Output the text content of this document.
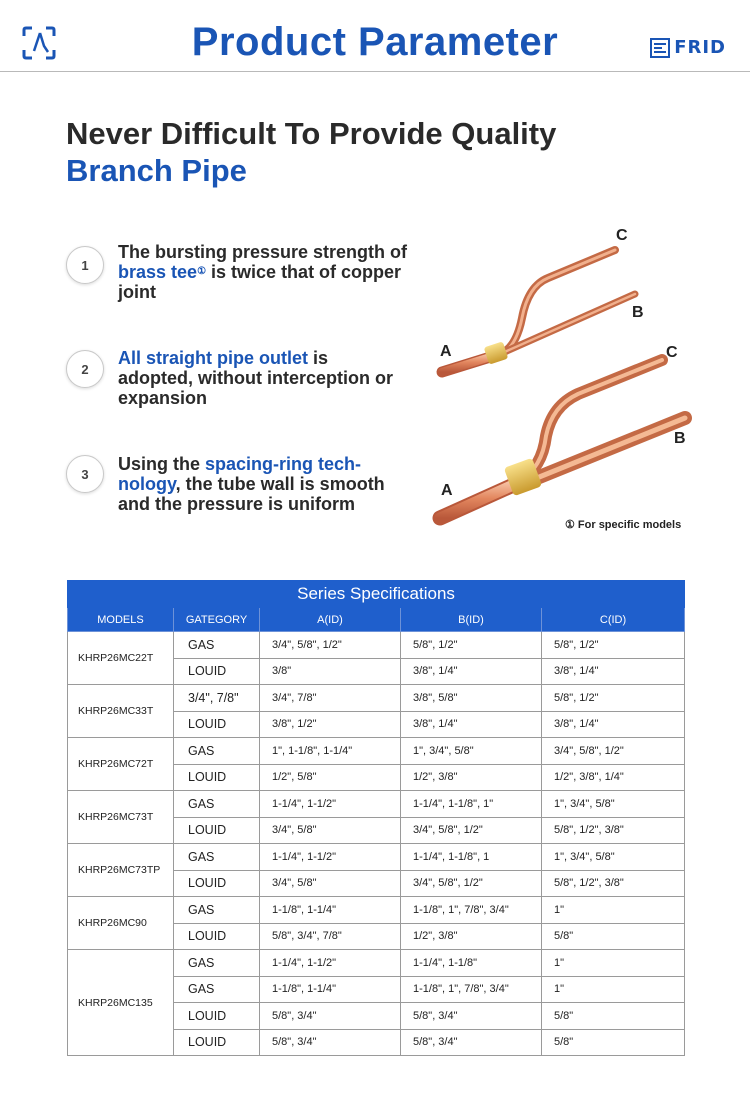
Product Parameter	FRID
Never Difficult To Provide Quality
Branch Pipe
1
The bursting pressure strength of brass tee① is twice that of copper joint
2
All straight pipe outlet is adopted, without interception or expansion
3	Using the spacing-ring tech-nology, the tube wall is smooth and the pressure is uniform
C
B
A	C
B
A
① For specific models
Series Specifications				
MODELS	GATEGORY	A(ID)	B(ID)	C(ID)
KHRP26MC22T	GAS	3/4", 5/8", 1/2"	5/8", 1/2"	5/8", 1/2"
	LOUID	3/8"	3/8", 1/4"	3/8", 1/4"
KHRP26MC33T	3/4", 7/8"	3/4", 7/8"	3/8", 5/8"	5/8", 1/2"
	LOUID	3/8", 1/2"	3/8", 1/4"	3/8", 1/4"
KHRP26MC72T	GAS	1", 1-1/8", 1-1/4"	1", 3/4", 5/8"	3/4", 5/8", 1/2"
	LOUID	1/2", 5/8"	1/2", 3/8"	1/2", 3/8", 1/4"
KHRP26MC73T	GAS	1-1/4", 1-1/2"	1-1/4", 1-1/8", 1"	1", 3/4", 5/8"
	LOUID	3/4", 5/8"	3/4", 5/8", 1/2"	5/8", 1/2", 3/8"
KHRP26MC73TP	GAS	1-1/4", 1-1/2"	1-1/4", 1-1/8", 1	1", 3/4", 5/8"
	LOUID	3/4", 5/8"	3/4", 5/8", 1/2"	5/8", 1/2", 3/8"
KHRP26MC90	GAS	1-1/8", 1-1/4"	1-1/8", 1", 7/8", 3/4"	1"
	LOUID	5/8", 3/4", 7/8"	1/2", 3/8"	5/8"
KHRP26MC135	GAS	1-1/4", 1-1/2"	1-1/4", 1-1/8"	1"
	GAS	1-1/8", 1-1/4"	1-1/8", 1", 7/8", 3/4"	1"
	LOUID	5/8", 3/4"	5/8", 3/4"	5/8"
	LOUID	5/8", 3/4"	5/8", 3/4"	5/8"
